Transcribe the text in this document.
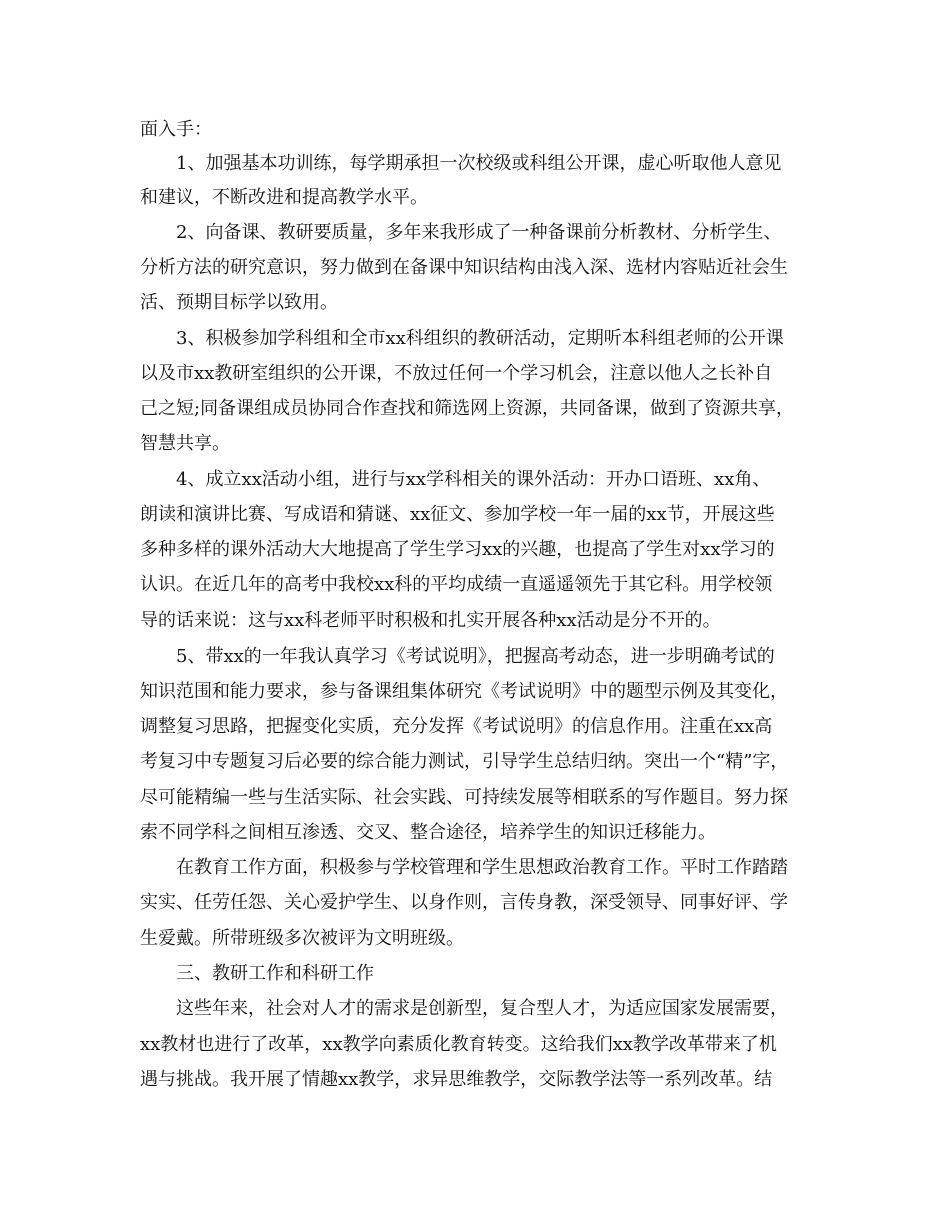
面入手：
1、加强基本功训练，每学期承担一次校级或科组公开课，虚心听取他人意见
和建议，不断改进和提高教学水平。
2、向备课、教研要质量，多年来我形成了一种备课前分析教材、分析学生、
分析方法的研究意识，努力做到在备课中知识结构由浅入深、选材内容贴近社会生
活、预期目标学以致用。
3、积极参加学科组和全市xx科组织的教研活动，定期听本科组老师的公开课
以及市xx教研室组织的公开课，不放过任何一个学习机会，注意以他人之长补自
己之短;同备课组成员协同合作查找和筛选网上资源，共同备课，做到了资源共享，
智慧共享。
4、成立xx活动小组，进行与xx学科相关的课外活动：开办口语班、xx角、
朗读和演讲比赛、写成语和猜谜、xx征文、参加学校一年一届的xx节，开展这些
多种多样的课外活动大大地提高了学生学习xx的兴趣，也提高了学生对xx学习的
认识。在近几年的高考中我校xx科的平均成绩一直遥遥领先于其它科。用学校领
导的话来说：这与xx科老师平时积极和扎实开展各种xx活动是分不开的。
5、带xx的一年我认真学习《考试说明》，把握高考动态，进一步明确考试的
知识范围和能力要求，参与备课组集体研究《考试说明》中的题型示例及其变化，
调整复习思路，把握变化实质，充分发挥《考试说明》的信息作用。注重在xx高
考复习中专题复习后必要的综合能力测试，引导学生总结归纳。突出一个“精”字，
尽可能精编一些与生活实际、社会实践、可持续发展等相联系的写作题目。努力探
索不同学科之间相互渗透、交叉、整合途径，培养学生的知识迁移能力。
在教育工作方面，积极参与学校管理和学生思想政治教育工作。平时工作踏踏
实实、任劳任怨、关心爱护学生、以身作则，言传身教，深受领导、同事好评、学
生爱戴。所带班级多次被评为文明班级。
三、教研工作和科研工作
这些年来，社会对人才的需求是创新型，复合型人才，为适应国家发展需要，
xx教材也进行了改革，xx教学向素质化教育转变。这给我们xx教学改革带来了机
遇与挑战。我开展了情趣xx教学，求异思维教学，交际教学法等一系列改革。结
